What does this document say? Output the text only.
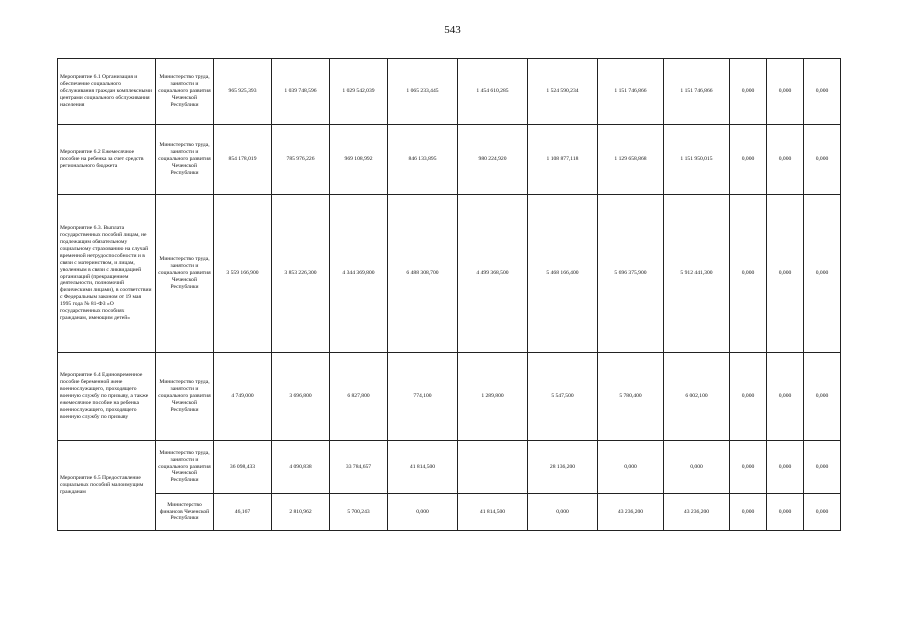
543
Мероприятие 6.1 Организация и обеспечение социального обслуживания граждан комплексными центрами социального обслуживания населения	Министерство труда, занятости и социального развития Чеченской Республики	965 925,393	1 039 748,596	1 029 542,039	1 065 233,445	1 454 610,285	1 524 590,234	1 151 746,866	1 151 746,866	0,000	0,000	0,000
Мероприятие 6.2 Ежемесячное пособие на ребенка за счет средств регионального бюджета	Министерство труда, занятости и социального развития Чеченской Республики	854 178,019	785 976,226	969 108,992	846 133,895	980 224,920	1 108 877,118	1 129 658,868	1 151 950,015	0,000	0,000	0,000
Мероприятие 6.3. Выплата государственных пособий лицам, не подлежащим обязательному социальному страхованию на случай временной нетрудоспособности и в связи с материнством, и лицам, уволенным в связи с ликвидацией организаций (прекращением деятельности, полномочий физическими лицами), в соответствии с Федеральным законом от 19 мая 1995 года № 81-ФЗ «О государственных пособиях гражданам, имеющим детей»	Министерство труда, занятости и социального развития Чеченской Республики	3 559 166,900	3 853 226,300	4 344 369,800	6 488 308,700	4 499 368,500	5 468 166,400	5 696 375,900	5 912 441,300	0,000	0,000	0,000
Мероприятие 6.4 Единовременное пособие беременной жене военнослужащего, проходящего военную службу по призыву, а также ежемесячное пособие на ребенка военнослужащего, проходящего военную службу по призыву	Министерство труда, занятости и социального развития Чеченской Республики	4 749,000	3 696,800	6 827,800	774,100	1 289,800	5 547,500	5 780,400	6 002,100	0,000	0,000	0,000
Мероприятие 6.5 Предоставление социальных пособий малоимущим гражданам	Министерство труда, занятости и социального развития Чеченской Республики	36 098,433	4 090,838	33 784,657	41 814,500		28 136,200	0,000	0,000	0,000	0,000	0,000
	Министерство финансов Чеченской Республики	46,167	2 810,962	5 700,243	0,000	41 814,500	0,000	43 236,200	43 236,200	0,000	0,000	0,000
